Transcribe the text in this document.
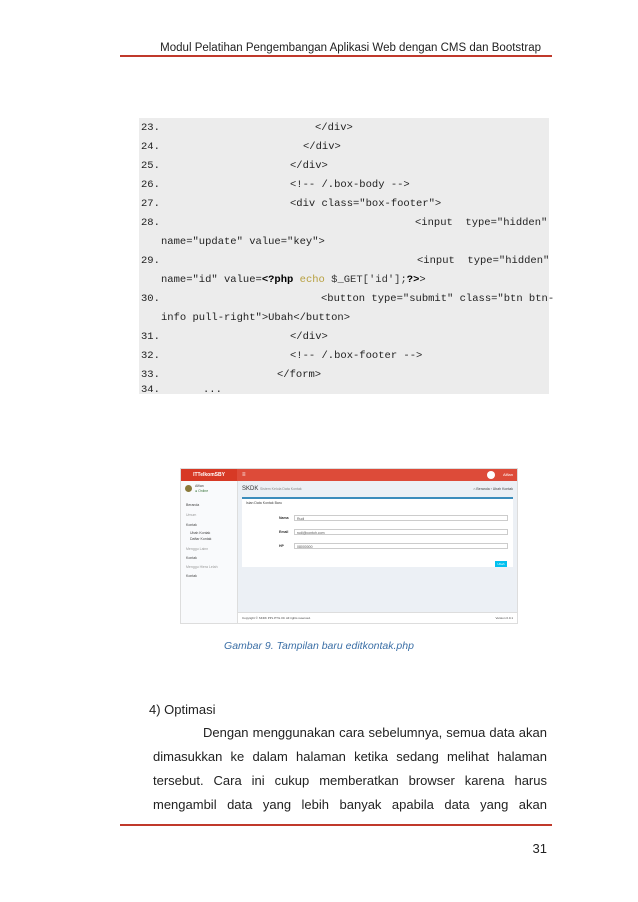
Modul Pelatihan Pengembangan Aplikasi Web dengan CMS dan Bootstrap
23.	</div>
24.	</div>
25.	</div>
26.	<!-- /.box-body -->
27.	<div class="box-footer">
28.	<input  type="hidden"
name="update" value="key">
29.	<input  type="hidden"
name="id" value=<?php echo $_GET['id'];?>>
30.	<button type="submit" class="btn btn-
info pull-right">Ubah</button>
31.	</div>
32.	<!-- /.box-footer -->
33.	</form>
34.	...
ITTelkomSBY	≡	Alfian
Alfian
● Online
Beranda
Umum
Kontak
Ubah Kontak
Daftar Kontak
Menggu Lainn
Kontak
Menggu Hiera Lelah
Kontak
SKDK Sistem Kelola Data Kontak	⌂ Beranda › Ubah Kontak
Isian Data Kontak Baru
Nama	Rudi
Email	rudi@contoh.com
HP	08000000
Ubah
Copyright © SKDK PPL PTIL 00. All rights reserved.	Version 0.0.1
Gambar 9. Tampilan baru editkontak.php
4) Optimasi
Dengan menggunakan cara sebelumnya, semua data akan
dimasukkan ke dalam halaman ketika sedang melihat halaman
tersebut. Cara ini cukup memberatkan browser karena harus
mengambil data yang lebih banyak apabila data yang akan
31
